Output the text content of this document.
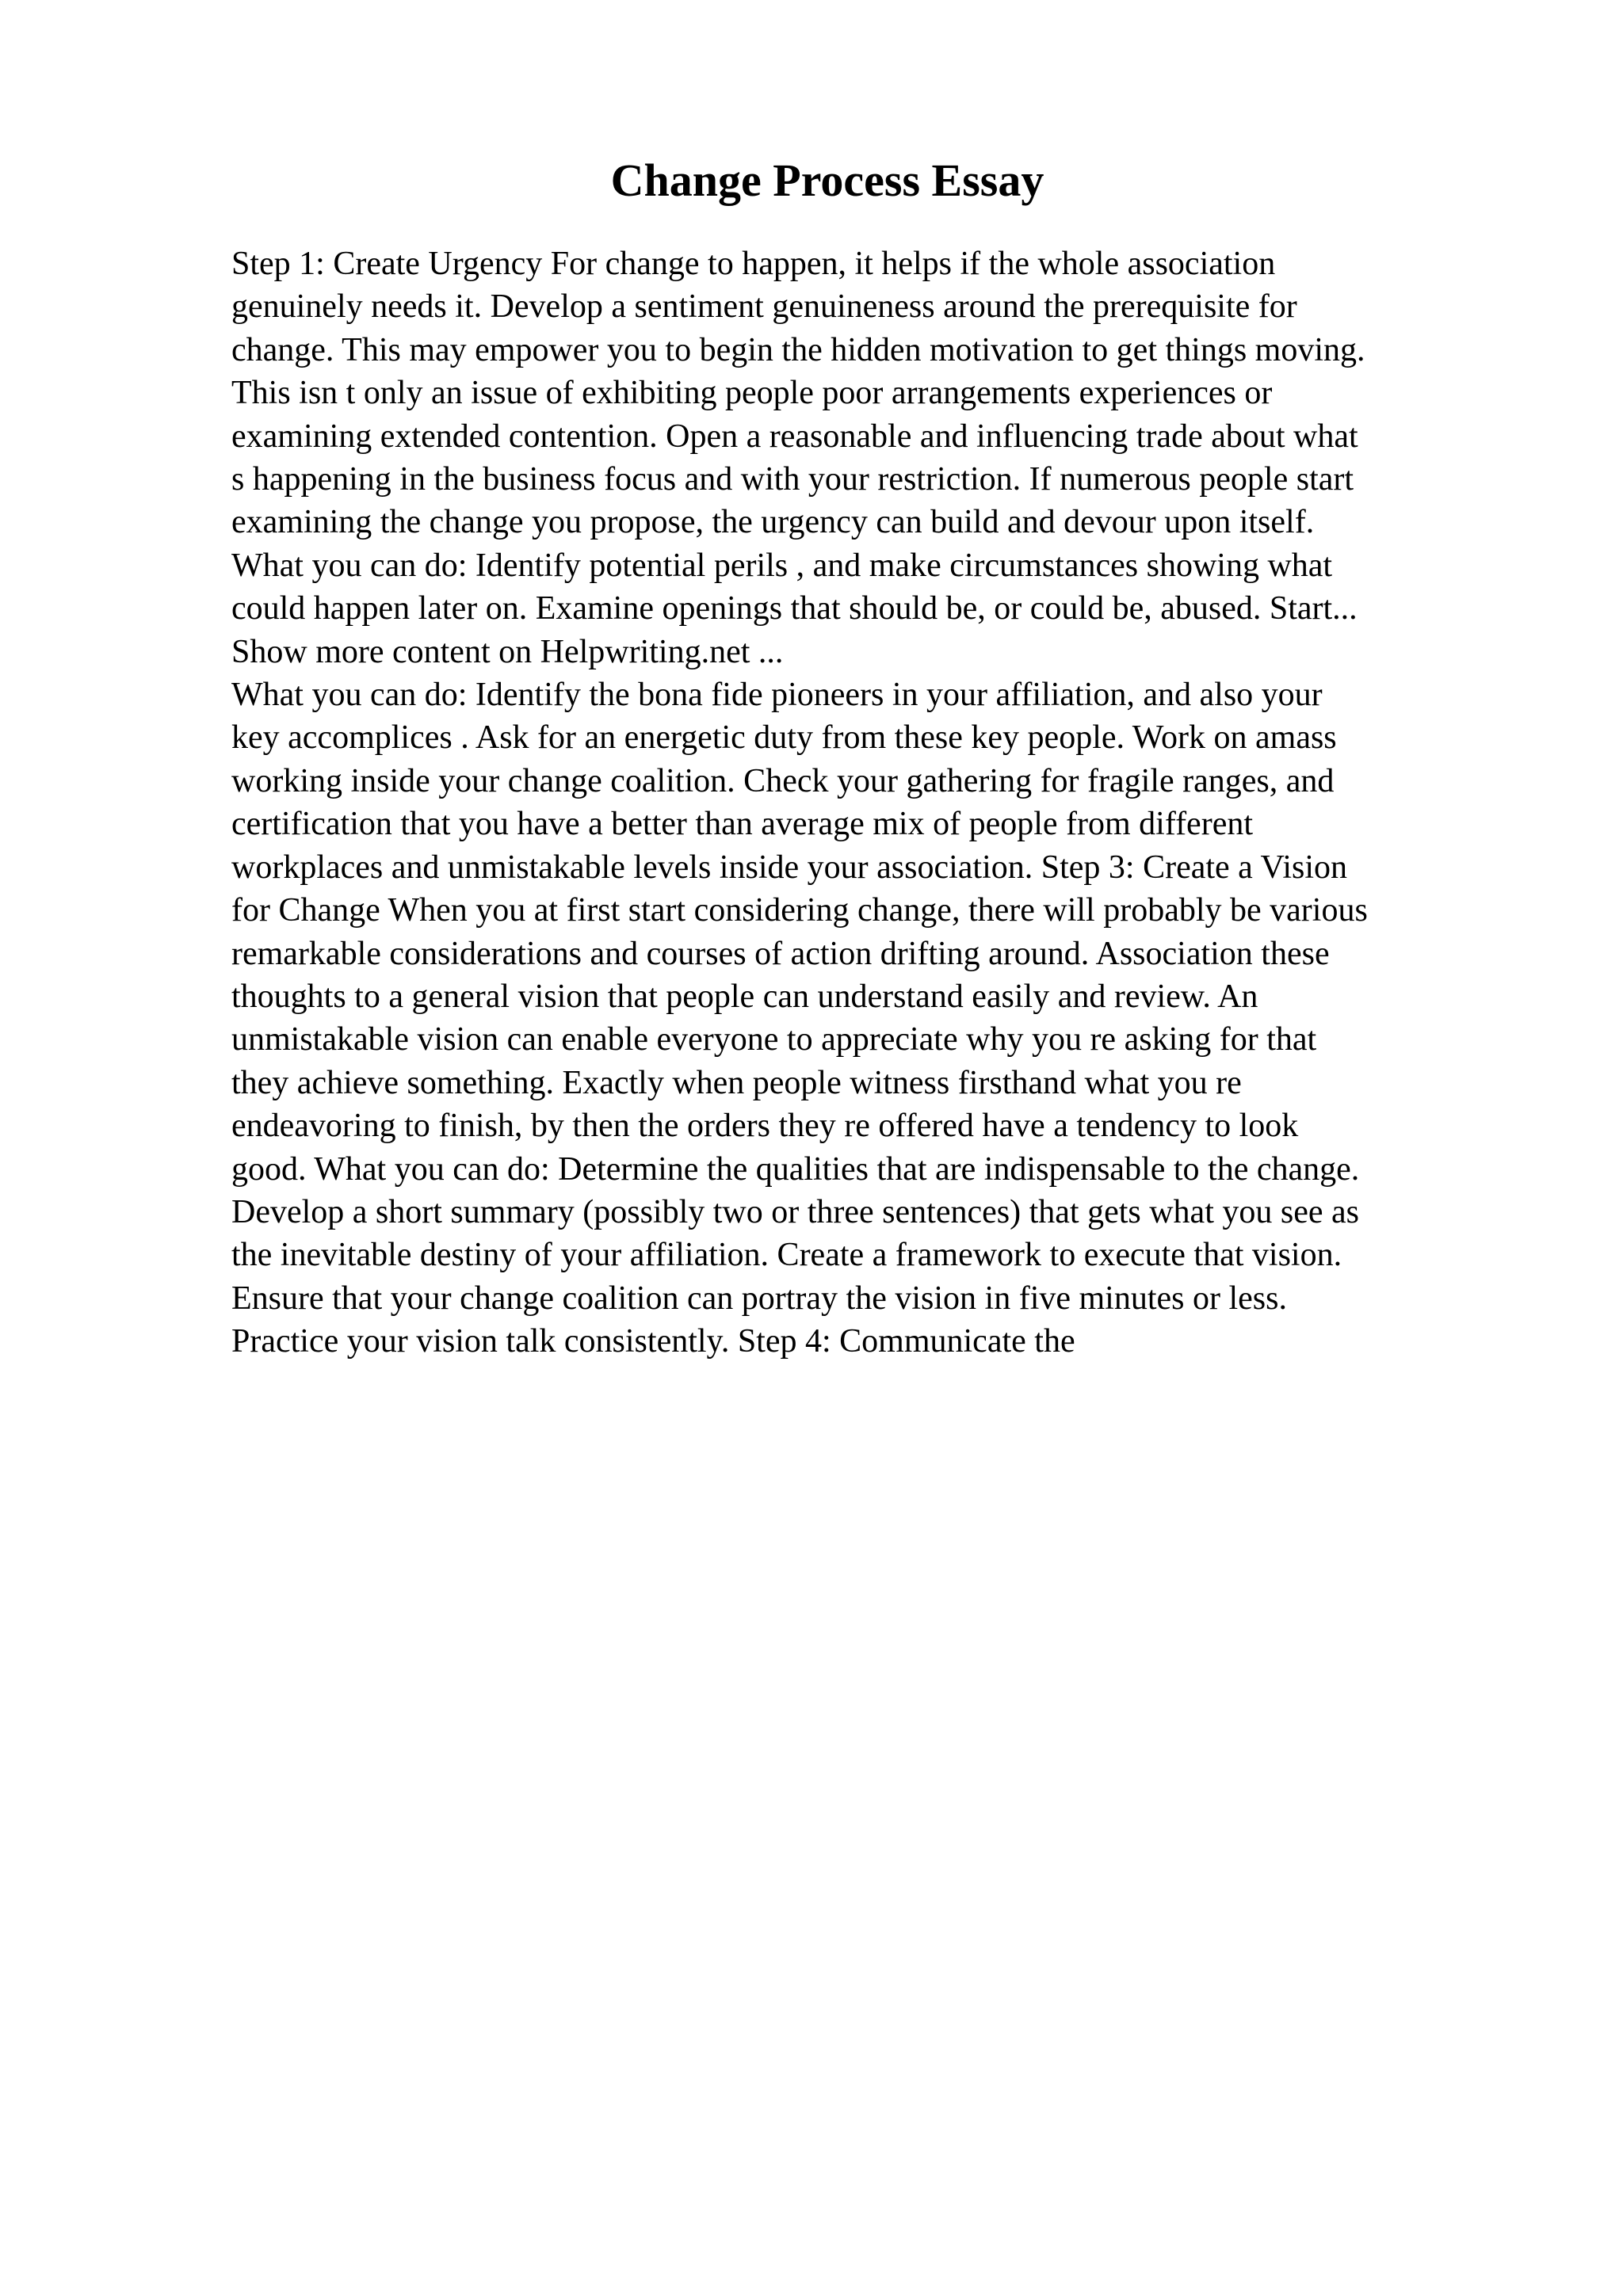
Change Process Essay
Step 1: Create Urgency For change to happen, it helps if the whole association
genuinely needs it. Develop a sentiment genuineness around the prerequisite for
change. This may empower you to begin the hidden motivation to get things moving.
This isn t only an issue of exhibiting people poor arrangements experiences or
examining extended contention. Open a reasonable and influencing trade about what
s happening in the business focus and with your restriction. If numerous people start
examining the change you propose, the urgency can build and devour upon itself.
What you can do: Identify potential perils , and make circumstances showing what
could happen later on. Examine openings that should be, or could be, abused. Start...
Show more content on Helpwriting.net ...
What you can do: Identify the bona fide pioneers in your affiliation, and also your
key accomplices . Ask for an energetic duty from these key people. Work on amass
working inside your change coalition. Check your gathering for fragile ranges, and
certification that you have a better than average mix of people from different
workplaces and unmistakable levels inside your association. Step 3: Create a Vision
for Change When you at first start considering change, there will probably be various
remarkable considerations and courses of action drifting around. Association these
thoughts to a general vision that people can understand easily and review. An
unmistakable vision can enable everyone to appreciate why you re asking for that
they achieve something. Exactly when people witness firsthand what you re
endeavoring to finish, by then the orders they re offered have a tendency to look
good. What you can do: Determine the qualities that are indispensable to the change.
Develop a short summary (possibly two or three sentences) that gets what you see as
the inevitable destiny of your affiliation. Create a framework to execute that vision.
Ensure that your change coalition can portray the vision in five minutes or less.
Practice your vision talk consistently. Step 4: Communicate the
